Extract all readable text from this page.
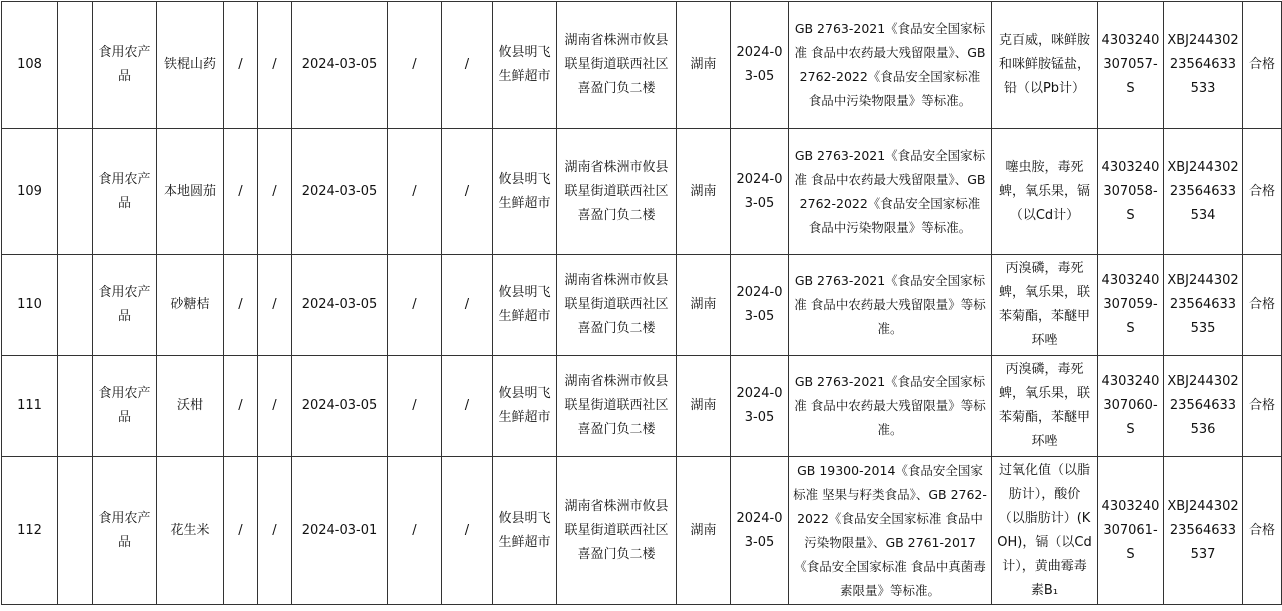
108		食用农产品	铁棍山药	/	/	2024-03-05	/	/	攸县明飞生鲜超市	湖南省株洲市攸县联星街道联西社区喜盈门负二楼	湖南	2024-03-05	GB 2763-2021《食品安全国家标准 食品中农药最大残留限量》、GB 2762-2022《食品安全国家标准 食品中污染物限量》等标准。	克百威，咪鲜胺和咪鲜胺锰盐，铅（以Pb计）	4303240307057-S	XBJ24430223564633533	合格
109		食用农产品	本地圆茄	/	/	2024-03-05	/	/	攸县明飞生鲜超市	湖南省株洲市攸县联星街道联西社区喜盈门负二楼	湖南	2024-03-05	GB 2763-2021《食品安全国家标准 食品中农药最大残留限量》、GB 2762-2022《食品安全国家标准 食品中污染物限量》等标准。	噻虫胺，毒死蜱，氧乐果，镉（以Cd计）	4303240307058-S	XBJ24430223564633534	合格
110		食用农产品	砂糖桔	/	/	2024-03-05	/	/	攸县明飞生鲜超市	湖南省株洲市攸县联星街道联西社区喜盈门负二楼	湖南	2024-03-05	GB 2763-2021《食品安全国家标准 食品中农药最大残留限量》等标准。	丙溴磷，毒死蜱，氧乐果，联苯菊酯，苯醚甲环唑	4303240307059-S	XBJ24430223564633535	合格
111		食用农产品	沃柑	/	/	2024-03-05	/	/	攸县明飞生鲜超市	湖南省株洲市攸县联星街道联西社区喜盈门负二楼	湖南	2024-03-05	GB 2763-2021《食品安全国家标准 食品中农药最大残留限量》等标准。	丙溴磷，毒死蜱，氧乐果，联苯菊酯，苯醚甲环唑	4303240307060-S	XBJ24430223564633536	合格
112		食用农产品	花生米	/	/	2024-03-01	/	/	攸县明飞生鲜超市	湖南省株洲市攸县联星街道联西社区喜盈门负二楼	湖南	2024-03-05	GB 19300-2014《食品安全国家标准 坚果与籽类食品》、GB 2762-2022《食品安全国家标准 食品中污染物限量》、GB 2761-2017《食品安全国家标准 食品中真菌毒素限量》等标准。	过氧化值（以脂肪计），酸价（以脂肪计）(KOH)，镉（以Cd计），黄曲霉毒素B₁	4303240307061-S	XBJ24430223564633537	合格
